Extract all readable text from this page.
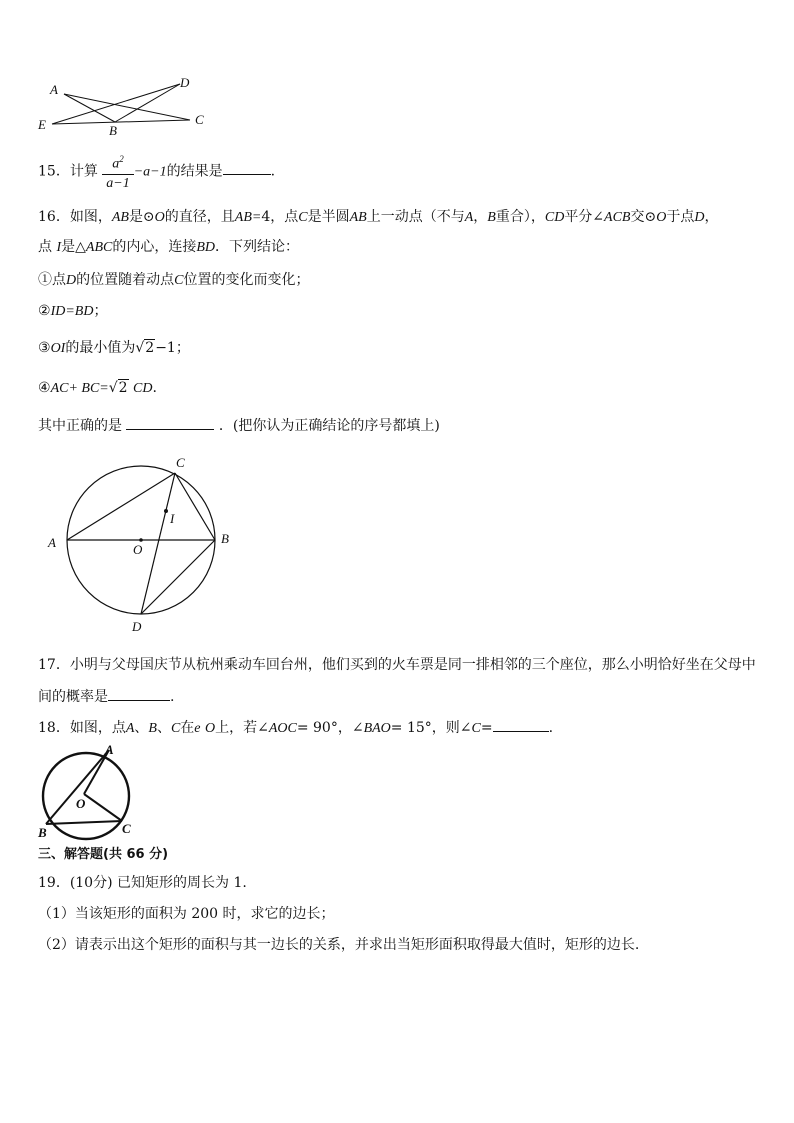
A	D
E	B
C
15．计算 $\frac{a^2}{a-1} -a-1$的结果是	.
16．如图，AB是⊙O的直径，且AB=4，点C是半圆AB上一动点（不与A，B重合），CD平分∠ACB交⊙O于点D，
点 I是△ABC的内心，连接BD．下列结论：
①点D的位置随着动点C位置的变化而变化；
②ID=BD；
③OI的最小值为√2−1；
④AC+ BC=√2 CD.
其中正确的是	．(把你认为正确结论的序号都填上)
C
I
A	O
B
D
17．小明与父母国庆节从杭州乘动车回台州，他们买到的火车票是同一排相邻的三个座位，那么小明恰好坐在父母中
间的概率是	.
18．如图，点A、B、C在e O上，若∠AOC= 90°，∠BAO= 15°，则∠C=	.
A
O
B	C
三、解答题(共 66 分)
19．(10分) 已知矩形的周长为 1.
（1）当该矩形的面积为 200 时，求它的边长；
（2）请表示出这个矩形的面积与其一边长的关系，并求出当矩形面积取得最大值时，矩形的边长.
